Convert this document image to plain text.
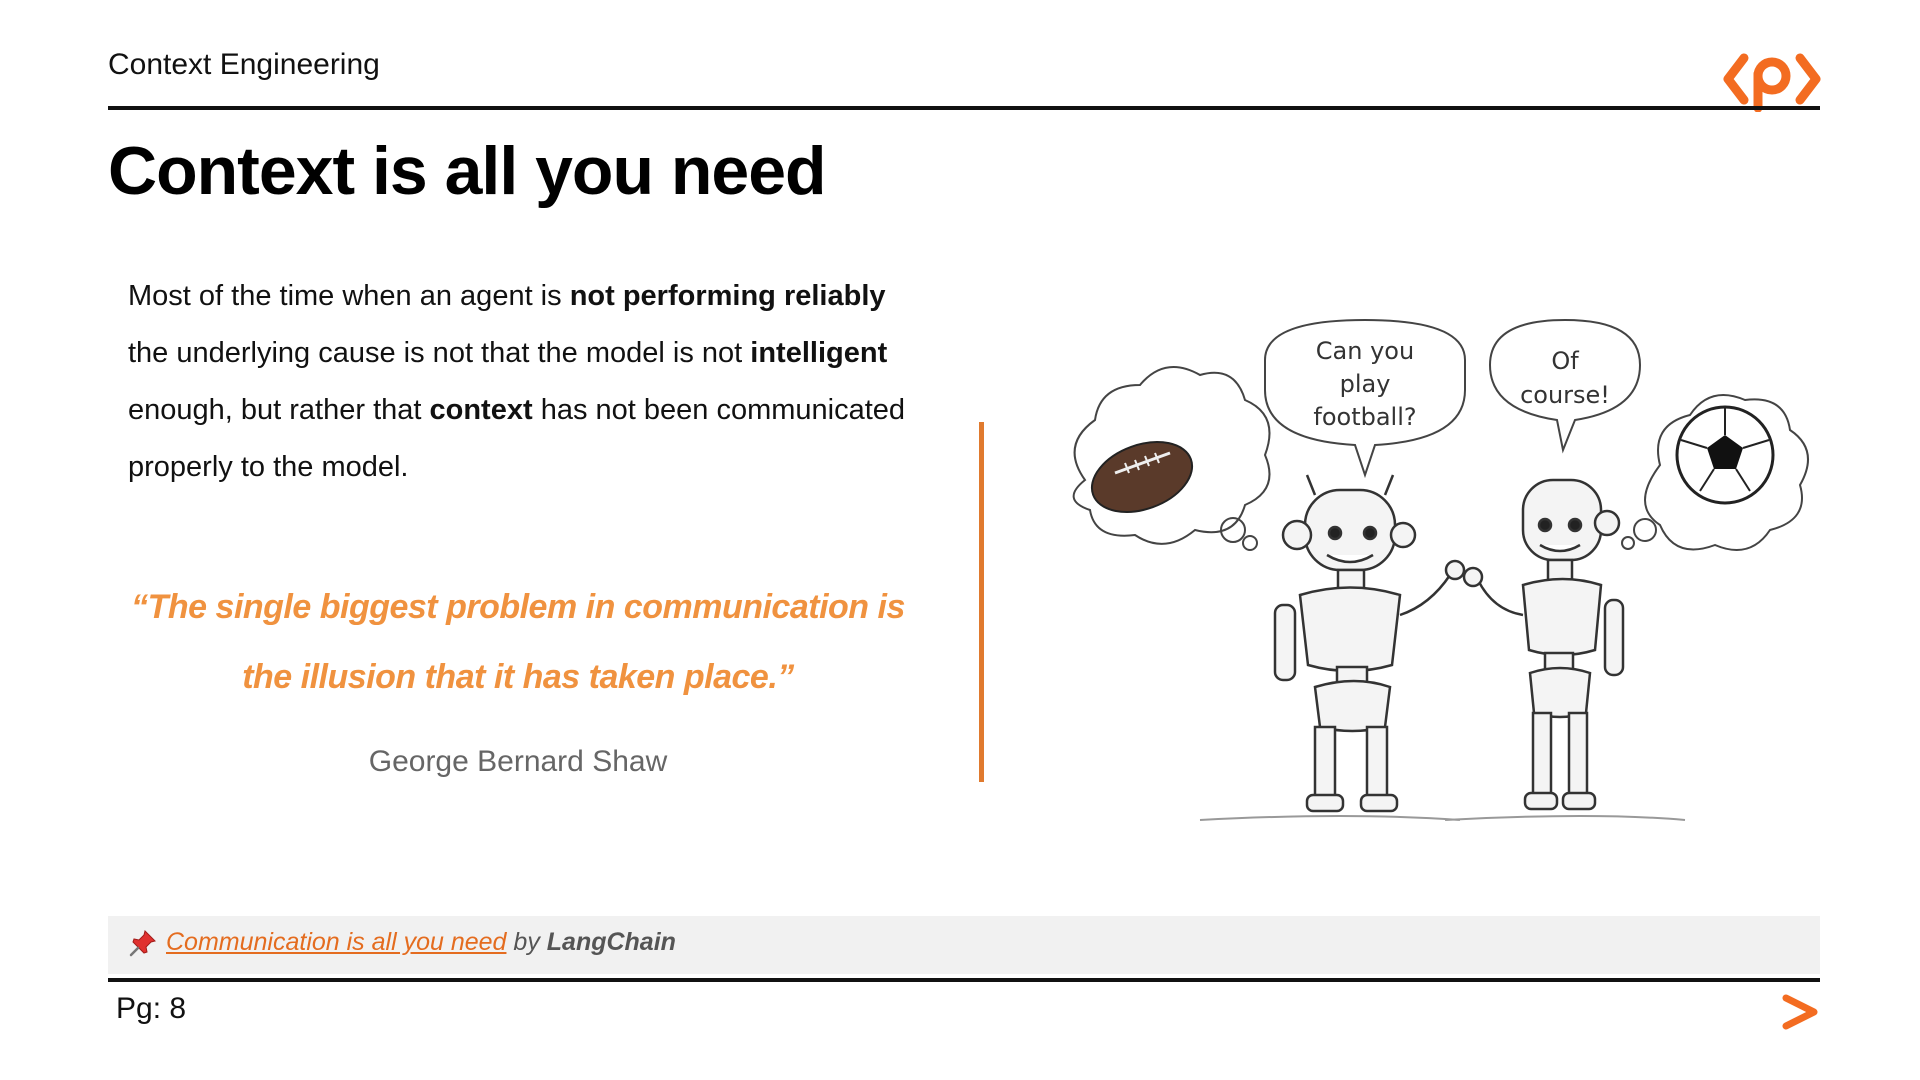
Context Engineering
Context is all you need
Most of the time when an agent is not performing reliably the underlying cause is not that the model is not intelligent enough, but rather that context has not been communicated properly to the model.
“The single biggest problem in communication is the illusion that it has taken place.”
George Bernard Shaw
Can you
play
football?
Of
course!
Communication is all you need by LangChain
Pg: 8
